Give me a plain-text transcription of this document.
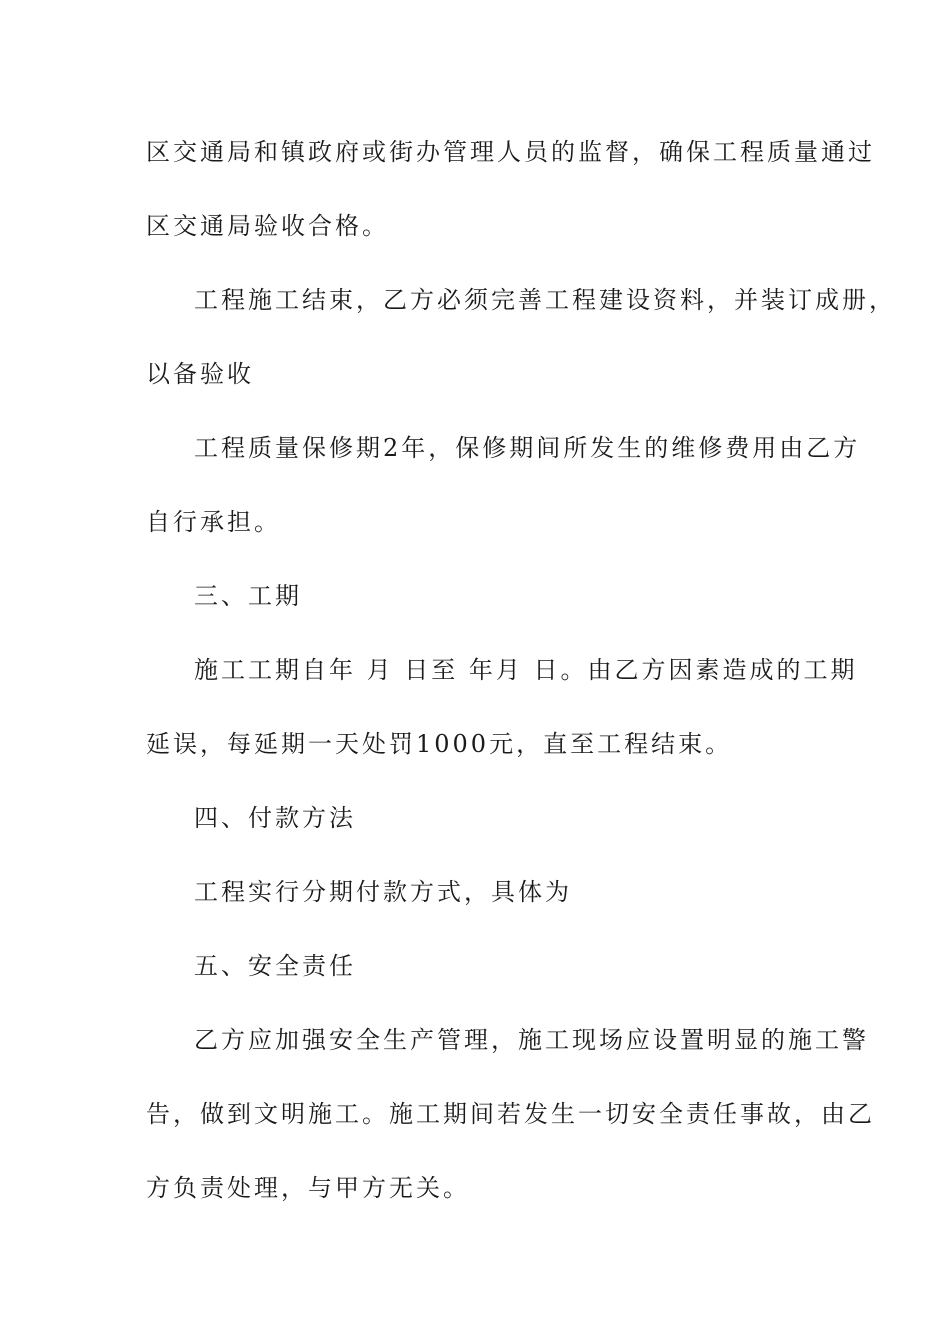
区交通局和镇政府或街办管理人员的监督，确保工程质量通过
区交通局验收合格。
工程施工结束，乙方必须完善工程建设资料，并装订成册，
以备验收
工程质量保修期2年，保修期间所发生的维修费用由乙方
自行承担。
三、工期
施工工期自年 月 日至 年月 日。由乙方因素造成的工期
延误，每延期一天处罚1000元，直至工程结束。
四、付款方法
工程实行分期付款方式，具体为
五、安全责任
乙方应加强安全生产管理，施工现场应设置明显的施工警
告，做到文明施工。施工期间若发生一切安全责任事故，由乙
方负责处理，与甲方无关。
